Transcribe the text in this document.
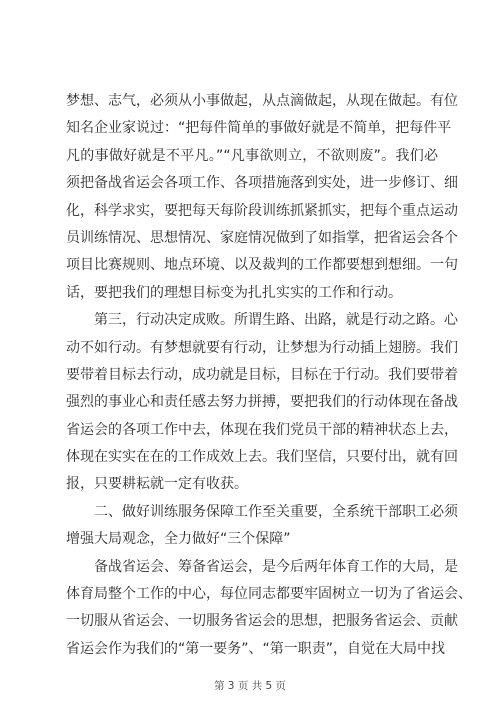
梦想、志气，必须从小事做起，从点滴做起，从现在做起。有位
知名企业家说过：“把每件简单的事做好就是不简单，把每件平
凡的事做好就是不平凡。”“凡事欲则立，不欲则废”。我们必
须把备战省运会各项工作、各项措施落到实处，进一步修订、细
化，科学求实，要把每天每阶段训练抓紧抓实，把每个重点运动
员训练情况、思想情况、家庭情况做到了如指掌，把省运会各个
项目比赛规则、地点环境、以及裁判的工作都要想到想细。一句
话，要把我们的理想目标变为扎扎实实的工作和行动。
　　第三，行动决定成败。所谓生路、出路，就是行动之路。心
动不如行动。有梦想就要有行动，让梦想为行动插上翅膀。我们
要带着目标去行动，成功就是目标，目标在于行动。我们要带着
强烈的事业心和责任感去努力拼搏，要把我们的行动体现在备战
省运会的各项工作中去，体现在我们党员干部的精神状态上去，
体现在实实在在的工作成效上去。我们坚信，只要付出，就有回
报，只要耕耘就一定有收获。
　　二、做好训练服务保障工作至关重要，全系统干部职工必须
增强大局观念，全力做好“三个保障”
　　备战省运会、筹备省运会，是今后两年体育工作的大局，是
体育局整个工作的中心，每位同志都要牢固树立一切为了省运会、
一切服从省运会、一切服务省运会的思想，把服务省运会、贡献
省运会作为我们的“第一要务”、“第一职责”，自觉在大局中找
第 3 页 共 5 页
